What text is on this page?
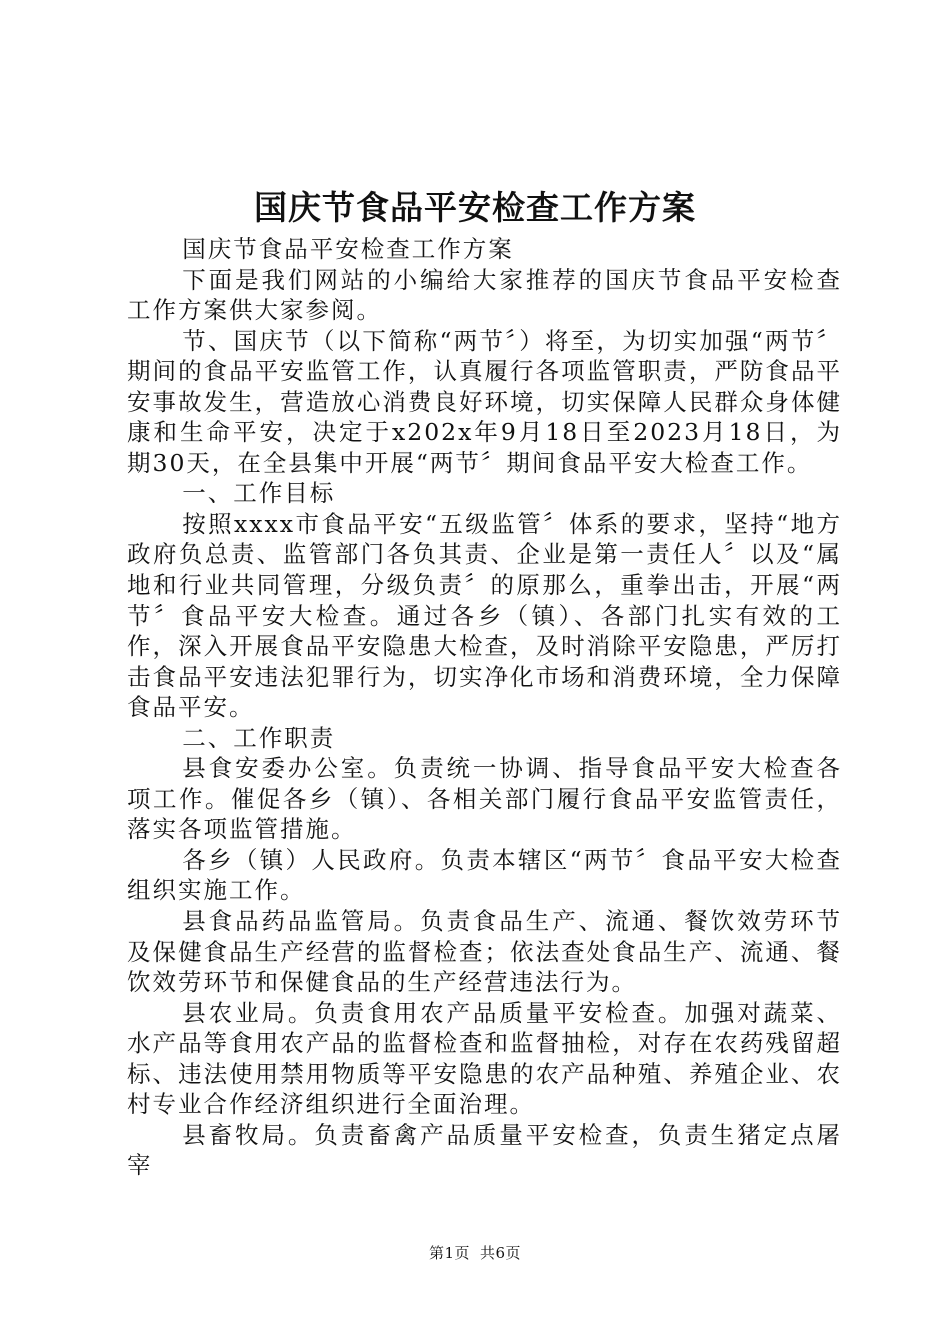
国庆节食品平安检查工作方案

国庆节食品平安检查工作方案

下面是我们网站的小编给大家推荐的国庆节食品平安检查工作方案供大家参阅。

节、国庆节（以下简称“两节〞）将至，为切实加强“两节〞期间的食品平安监管工作，认真履行各项监管职责，严防食品平安事故发生，营造放心消费良好环境，切实保障人民群众身体健康和生命平安，决定于x202x年9月18日至2023月18日，为期30天，在全县集中开展“两节〞期间食品平安大检查工作。

一、工作目标

按照xxxx市食品平安“五级监管〞体系的要求，坚持“地方政府负总责、监管部门各负其责、企业是第一责任人〞以及“属地和行业共同管理，分级负责〞的原那么，重拳出击，开展“两节〞食品平安大检查。通过各乡（镇）、各部门扎实有效的工作，深入开展食品平安隐患大检查，及时消除平安隐患，严厉打击食品平安违法犯罪行为，切实净化市场和消费环境，全力保障食品平安。

二、工作职责

县食安委办公室。负责统一协调、指导食品平安大检查各项工作。催促各乡（镇）、各相关部门履行食品平安监管责任，落实各项监管措施。

各乡（镇）人民政府。负责本辖区“两节〞食品平安大检查组织实施工作。

县食品药品监管局。负责食品生产、流通、餐饮效劳环节及保健食品生产经营的监督检查；依法查处食品生产、流通、餐饮效劳环节和保健食品的生产经营违法行为。

县农业局。负责食用农产品质量平安检查。加强对蔬菜、水产品等食用农产品的监督检查和监督抽检，对存在农药残留超标、违法使用禁用物质等平安隐患的农产品种殖、养殖企业、农村专业合作经济组织进行全面治理。

县畜牧局。负责畜禽产品质量平安检查，负责生猪定点屠宰

第1页 共6页
